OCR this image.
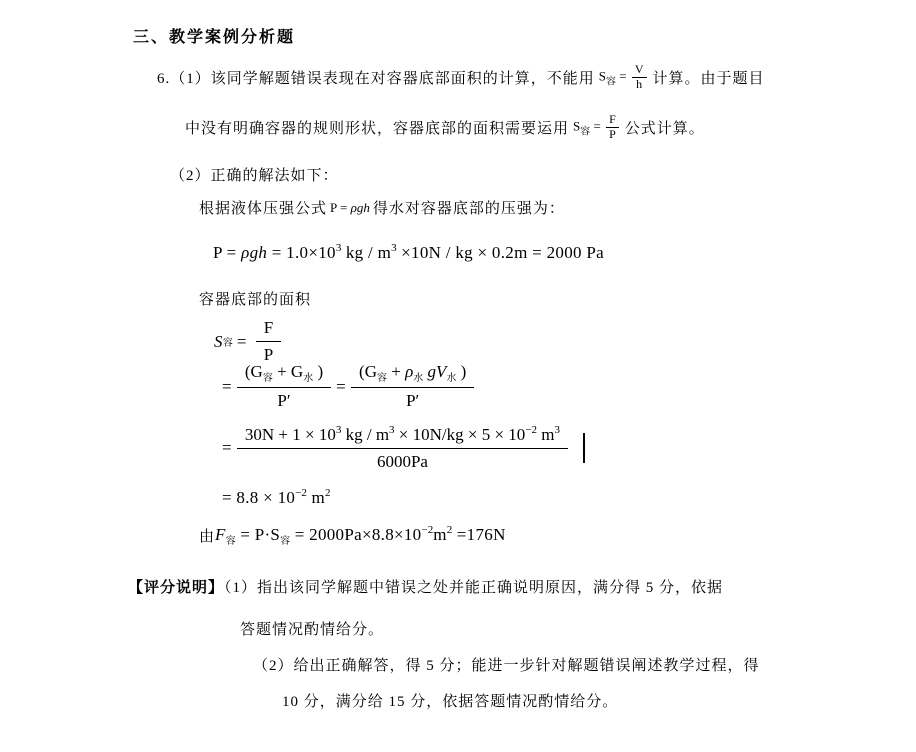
三、教学案例分析题
6.（1）该同学解题错误表现在对容器底部面积的计算，不能用 $S_容 = \frac{V}{h}$ 计算。由于题目
中没有明确容器的规则形状，容器底部的面积需要运用 $S_容 = \frac{F}{P}$ 公式计算。
（2）正确的解法如下：
根据液体压强公式 P = ρgh 得水对容器底部的压强为：
$P = \rho gh = 1.0\times 10^3$ kg / $m^3 \times 10N$ / kg × 0.2m = 2000 Pa
容器底部的面积
S 容 = $\frac{F}{P}$
= $\frac{(G_容 + G_水 )}{P'} = \frac{(G_容 + \rho_水 gV_水 )}{P'}$
= $\frac{30N + 1 \times 10^3 kg / m^3 \times 10N/kg \times 5 \times 10^{-2} m^3}{6000Pa}$
= $8.8 \times 10^{-2}$ $m^2$
由 $F_容 = P\cdot S_容 = 2000Pa\times 8.8\times 10^{-2}m^2 =176N$
【评分说明】（1）指出该同学解题中错误之处并能正确说明原因，满分得 5 分，依据
答题情况酌情给分。
（2）给出正确解答，得 5 分；能进一步针对解题错误阐述教学过程，得
10 分，满分给 15 分，依据答题情况酌情给分。
